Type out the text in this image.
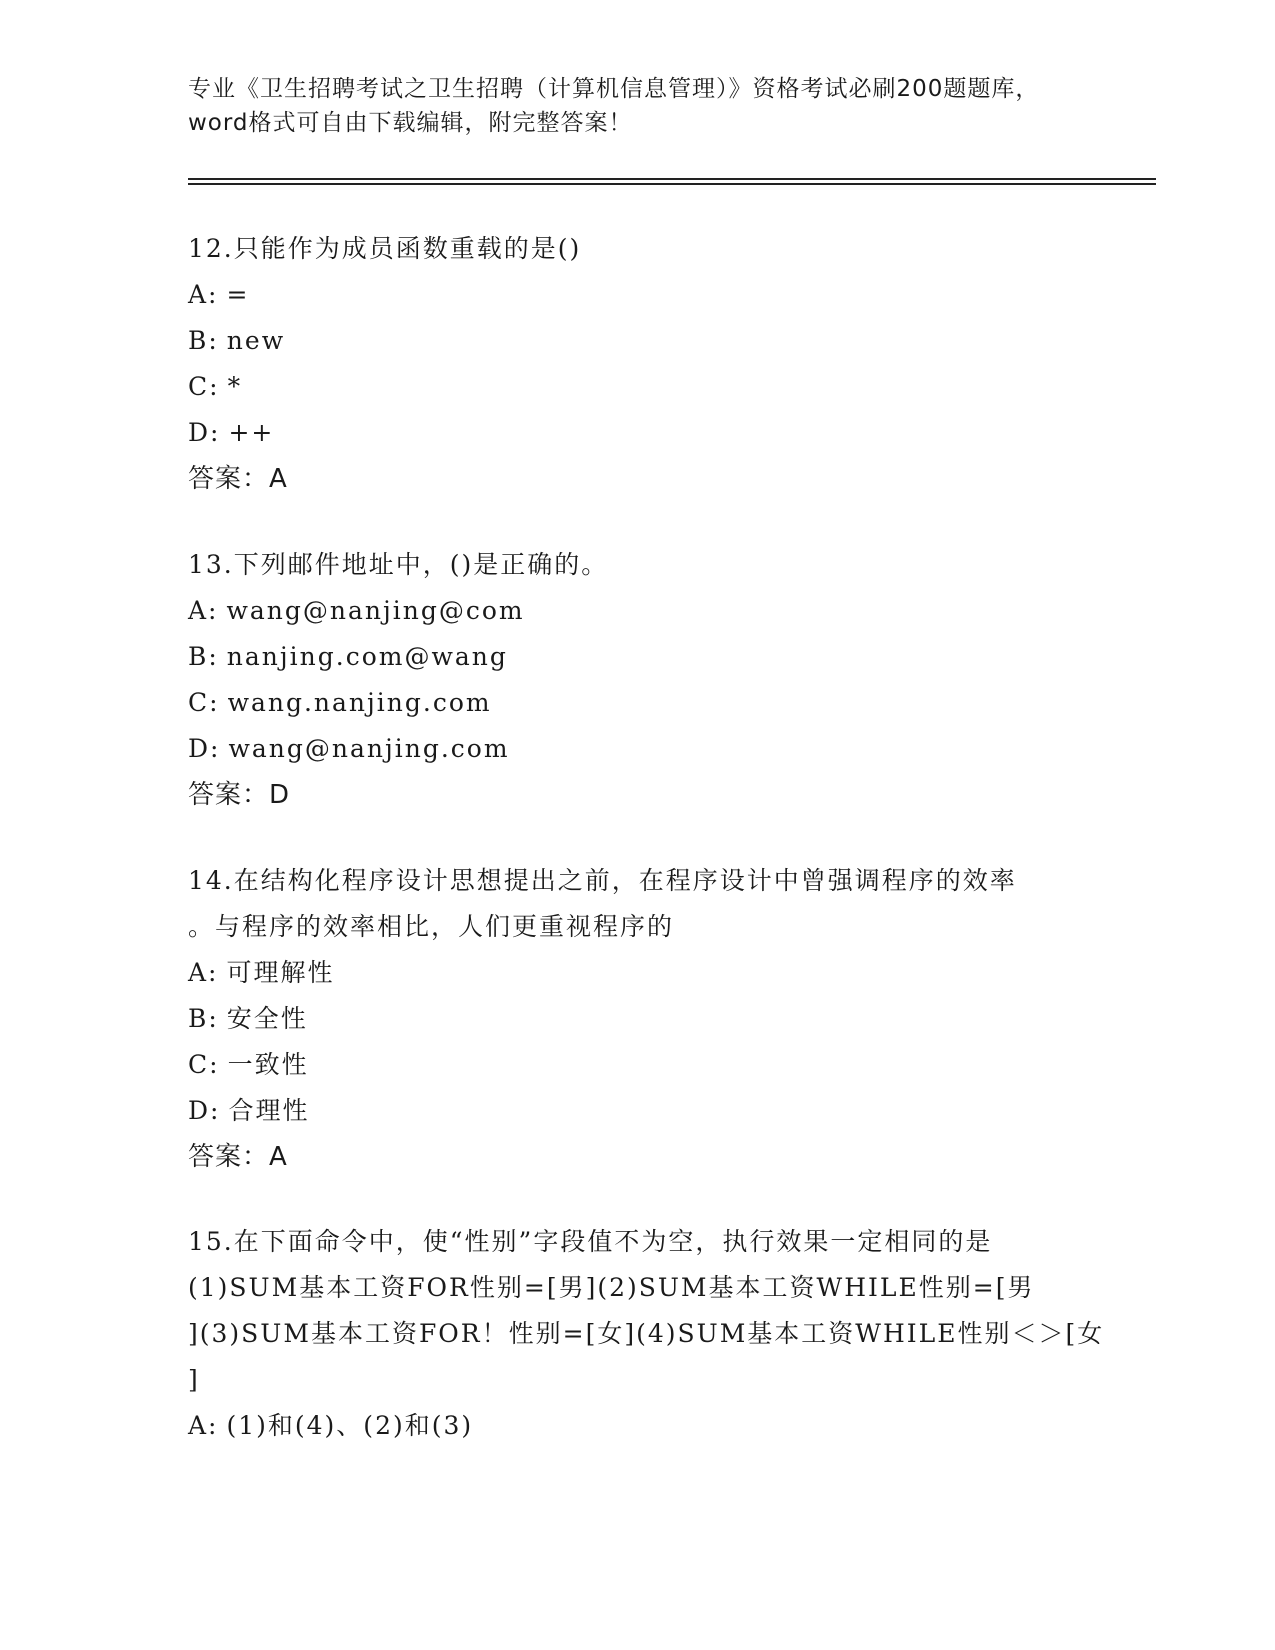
专业《卫生招聘考试之卫生招聘（计算机信息管理）》资格考试必刷200题题库，
word格式可自由下载编辑，附完整答案！
12.只能作为成员函数重载的是()
A: =
B: new
C: *
D: ++
答案：A
13.下列邮件地址中，()是正确的。
A: wang@nanjing@com
B: nanjing.com@wang
C: wang.nanjing.com
D: wang@nanjing.com
答案：D
14.在结构化程序设计思想提出之前，在程序设计中曾强调程序的效率
。与程序的效率相比，人们更重视程序的
A: 可理解性
B: 安全性
C: 一致性
D: 合理性
答案：A
15.在下面命令中，使“性别”字段值不为空，执行效果一定相同的是
(1)SUM基本工资FOR性别=[男](2)SUM基本工资WHILE性别=[男
](3)SUM基本工资FOR！性别=[女](4)SUM基本工资WHILE性别＜＞[女
]
A: (1)和(4)、(2)和(3)
